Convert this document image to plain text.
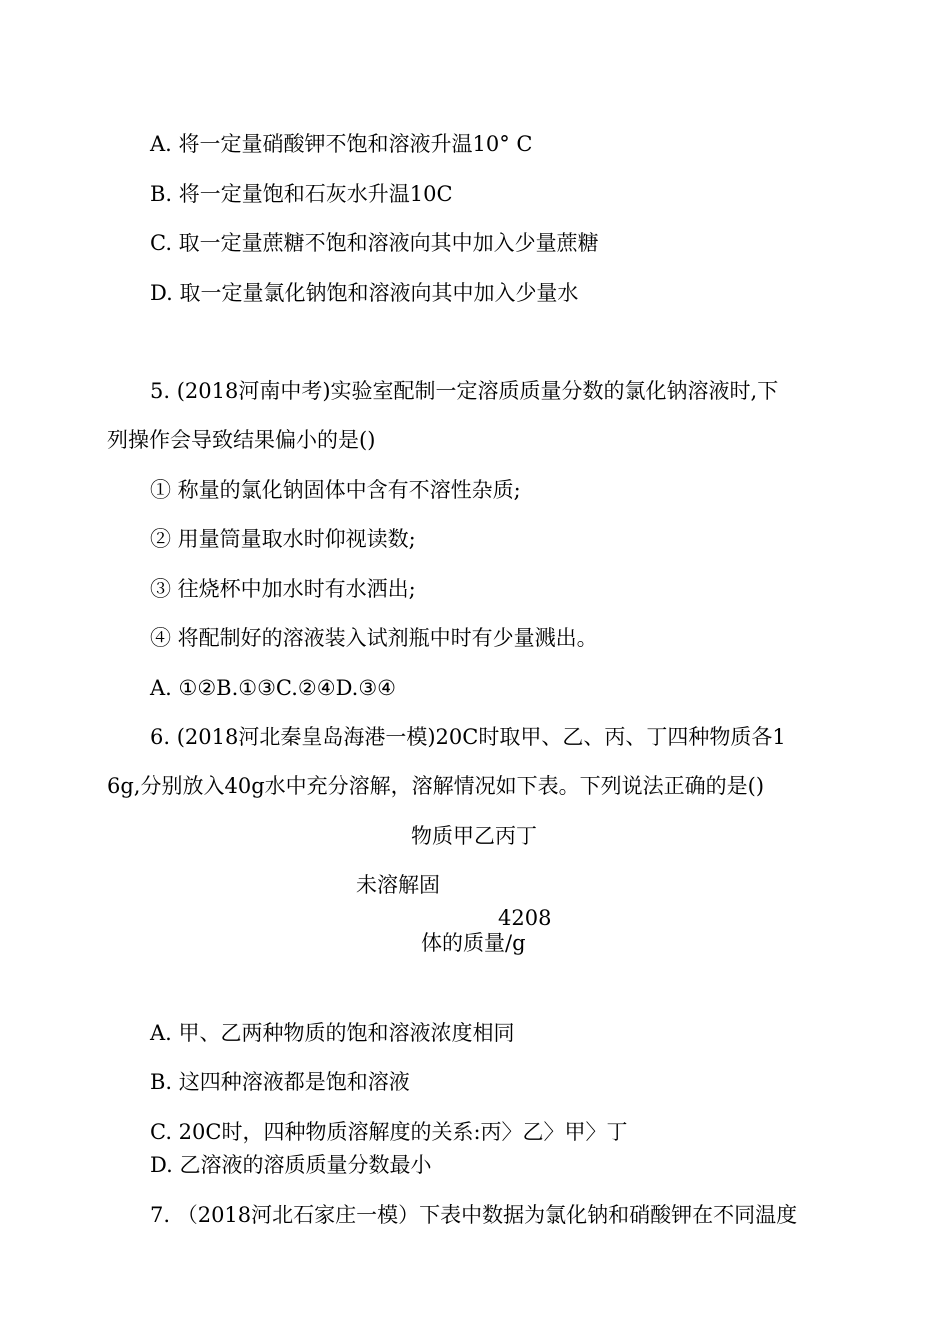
A. 将一定量硝酸钾不饱和溶液升温10° C
B. 将一定量饱和石灰水升温10C
C. 取一定量蔗糖不饱和溶液向其中加入少量蔗糖
D. 取一定量氯化钠饱和溶液向其中加入少量水
5. (2018河南中考)实验室配制一定溶质质量分数的氯化钠溶液时,下
列操作会导致结果偏小的是()
① 称量的氯化钠固体中含有不溶性杂质;
② 用量筒量取水时仰视读数;
③ 往烧杯中加水时有水洒出;
④ 将配制好的溶液装入试剂瓶中时有少量溅出。
A. ①②B.①③C.②④D.③④
6. (2018河北秦皇岛海港一模)20C时取甲、乙、丙、丁四种物质各1
6g,分别放入40g水中充分溶解，溶解情况如下表。下列说法正确的是()
物质甲乙丙丁
未溶解固
4208
体的质量/g
A. 甲、乙两种物质的饱和溶液浓度相同
B. 这四种溶液都是饱和溶液
C. 20C时，四种物质溶解度的关系:丙〉乙〉甲〉丁
D. 乙溶液的溶质质量分数最小
7. （2018河北石家庄一模）下表中数据为氯化钠和硝酸钾在不同温度
